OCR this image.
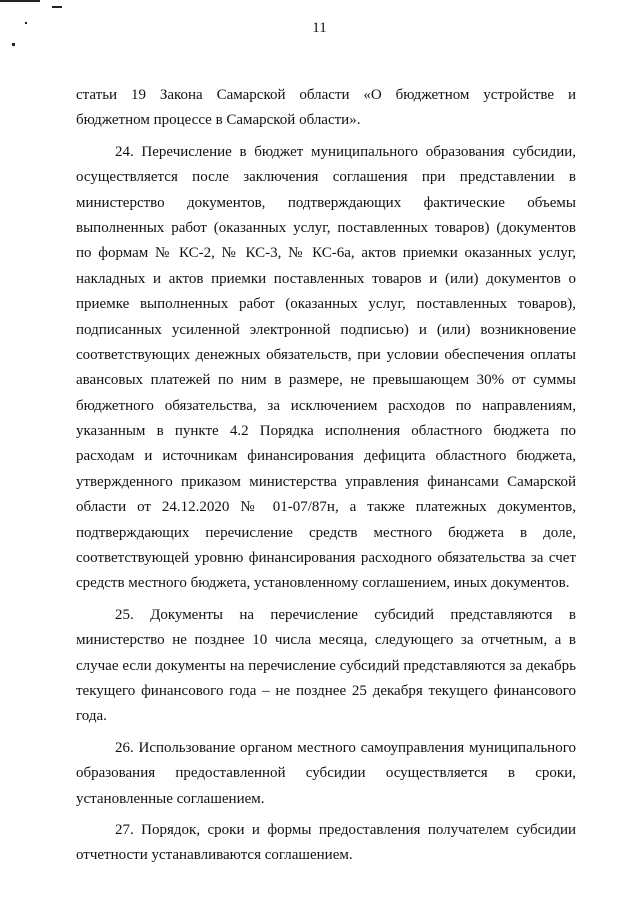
11
статьи 19 Закона Самарской области «О бюджетном устройстве и
бюджетном процессе в Самарской области».
24. Перечисление в бюджет муниципального образования субсидии,
осуществляется после заключения соглашения при представлении в
министерство документов, подтверждающих фактические объемы
выполненных работ (оказанных услуг, поставленных товаров) (документов
по формам № КС-2, № КС-3, № КС-6а, актов приемки оказанных услуг,
накладных и актов приемки поставленных товаров и (или) документов о
приемке выполненных работ (оказанных услуг, поставленных товаров),
подписанных усиленной электронной подписью) и (или) возникновение
соответствующих денежных обязательств, при условии обеспечения оплаты
авансовых платежей по ним в размере, не превышающем 30% от суммы
бюджетного обязательства, за исключением расходов по направлениям,
указанным в пункте 4.2 Порядка исполнения областного бюджета по
расходам и источникам финансирования дефицита областного бюджета,
утвержденного приказом министерства управления финансами Самарской
области от 24.12.2020 № 01-07/87н, а также платежных документов,
подтверждающих перечисление средств местного бюджета в доле,
соответствующей уровню финансирования расходного обязательства за счет
средств местного бюджета, установленному соглашением, иных документов.
25. Документы на перечисление субсидий представляются в
министерство не позднее 10 числа месяца, следующего за отчетным, а в
случае если документы на перечисление субсидий представляются за декабрь
текущего финансового года – не позднее 25 декабря текущего финансового
года.
26. Использование органом местного самоуправления муниципального
образования предоставленной субсидии осуществляется в сроки,
установленные соглашением.
27. Порядок, сроки и формы предоставления получателем субсидии
отчетности устанавливаются соглашением.
